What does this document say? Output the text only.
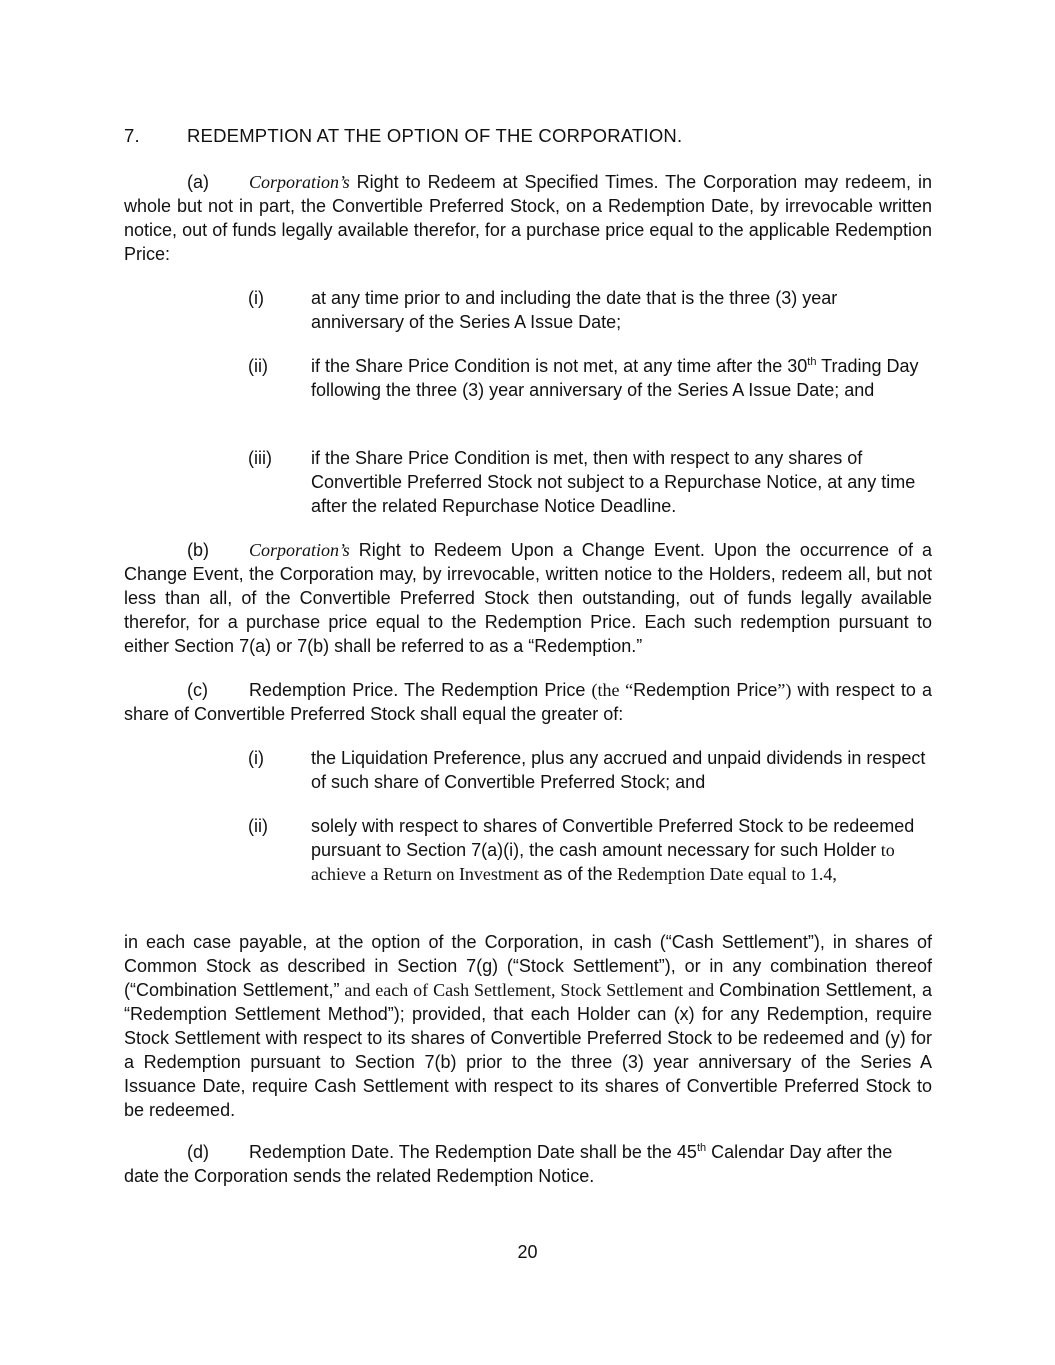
7.	REDEMPTION AT THE OPTION OF THE CORPORATION.
(a) Corporation’s Right to Redeem at Specified Times. The Corporation may redeem, in whole but not in part, the Convertible Preferred Stock, on a Redemption Date, by irrevocable written notice, out of funds legally available therefor, for a purchase price equal to the applicable Redemption Price:
(i)	at any time prior to and including the date that is the three (3) year anniversary of the Series A Issue Date;
(ii) if the Share Price Condition is not met, at any time after the 30th Trading Day following the three (3) year anniversary of the Series A Issue Date; and
(iii) if the Share Price Condition is met, then with respect to any shares of Convertible Preferred Stock not subject to a Repurchase Notice, at any time after the related Repurchase Notice Deadline.
(b) Corporation’s Right to Redeem Upon a Change Event. Upon the occurrence of a Change Event, the Corporation may, by irrevocable, written notice to the Holders, redeem all, but not less than all, of the Convertible Preferred Stock then outstanding, out of funds legally available therefor, for a purchase price equal to the Redemption Price. Each such redemption pursuant to either Section 7(a) or 7(b) shall be referred to as a “Redemption.”
(c) Redemption Price. The Redemption Price (the “Redemption Price”) with respect to a share of Convertible Preferred Stock shall equal the greater of:
(i)	the Liquidation Preference, plus any accrued and unpaid dividends in respect of such share of Convertible Preferred Stock; and
(ii) solely with respect to shares of Convertible Preferred Stock to be redeemed pursuant to Section 7(a)(i), the cash amount necessary for such Holder to achieve a Return on Investment as of the Redemption Date equal to 1.4,
in each case payable, at the option of the Corporation, in cash (“Cash Settlement”), in shares of Common Stock as described in Section 7(g) (“Stock Settlement”), or in any combination thereof (“Combination Settlement,” and each of Cash Settlement, Stock Settlement and Combination Settlement, a “Redemption Settlement Method”); provided, that each Holder can (x) for any Redemption, require Stock Settlement with respect to its shares of Convertible Preferred Stock to be redeemed and (y) for a Redemption pursuant to Section 7(b) prior to the three (3) year anniversary of the Series A Issuance Date, require Cash Settlement with respect to its shares of Convertible Preferred Stock to be redeemed.
(d) Redemption Date. The Redemption Date shall be the 45th Calendar Day after the date the Corporation sends the related Redemption Notice.
20
